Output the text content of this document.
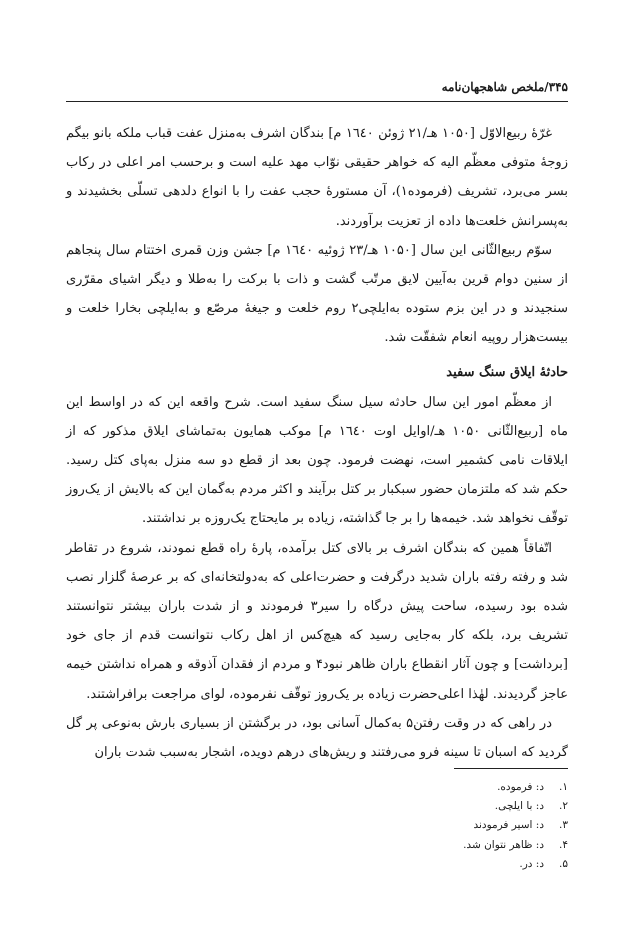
۳۴۵/ملخص شاهجهان‌نامه

غرّهٔ ربیع‌الاوّل [۱۰۵۰ هـ/۲۱ ژوئن ١٦٤٠ م] بندگان اشرف به‌منزل عفت قباب ملکه بانو بیگم زوجهٔ متوفی معظّم الیه که خواهر حقیقی نوّاب مهد علیه است و برحسب امر اعلی در رکاب بسر می‌برد، تشریف (فرموده۱)، آن مستورهٔ حجب عفت را با انواع دلدهی تسلّی بخشیدند و به‌پسرانش خلعت‌ها داده از تعزیت برآوردند.

سوّم ربیع‌الثّانی این سال [۱۰۵۰ هـ/۲۳ ژوئیه ١٦٤٠ م] جشن وزن قمری اختتام سال پنجاهم از سنین دوام قرین به‌آیین لایق مرتّب گشت و ذات با برکت را به‌طلا و دیگر اشیای مقرّری سنجیدند و در این بزم ستوده به‌ایلچی۲ روم خلعت و جیغهٔ مرصّع و به‌ایلچی بخارا خلعت و بیست‌هزار روپیه انعام شفقّت شد.

حادثهٔ ایلاق سنگ سفید

از معظّم امور این سال حادثه سیل سنگ سفید است. شرح واقعه این که در اواسط این ماه [ربیع‌الثّانی ۱۰۵۰ هـ/اوایل اوت ١٦٤٠ م] موکب همایون به‌تماشای ایلاق مذکور که از ایلاقات نامی کشمیر است، نهضت فرمود. چون بعد از قطع دو سه منزل به‌پای کتل رسید. حکم شد که ملتزمان حضور سبکبار بر کتل برآیند و اکثر مردم به‌گمان این که بالایش از یک‌روز توقّف نخواهد شد. خیمه‌ها را بر جا گذاشته، زیاده بر مایحتاج یک‌روزه بر نداشتند.

اتّفاقاً همین که بندگان اشرف بر بالای کتل برآمده، پارهٔ راه قطع نمودند، شروع در تقاطر شد و رفته رفته باران شدید درگرفت و حضرت‌اعلی که به‌دولتخانه‌ای که بر عرصهٔ گلزار نصب شده بود رسیده، ساحت پیش درگاه را سیر۳ فرمودند و از شدت باران بیشتر نتوانستند تشریف برد، بلکه کار به‌جایی رسید که هیچ‌کس از اهل رکاب نتوانست قدم از جای خود [برداشت] و چون آثار انقطاع باران ظاهر نبود۴ و مردم از فقدان آذوقه و همراه نداشتن خیمه عاجز گردیدند. لهٰذا اعلی‌حضرت زیاده بر یک‌روز توقّف نفرموده، لوای مراجعت برافراشتند.

در راهی که در وقت رفتن۵ به‌کمال آسانی بود، در برگشتن از بسیاری بارش به‌نوعی پر گل گردید که اسبان تا سینه فرو می‌رفتند و ریش‌های درهم دویده، اشجار به‌سبب شدت باران

۱.د: فرموده.
۲.د: با ایلچی.
۳.د: اسیر فرمودند
۴.د: ظاهر نتوان شد.
۵.د: در.
